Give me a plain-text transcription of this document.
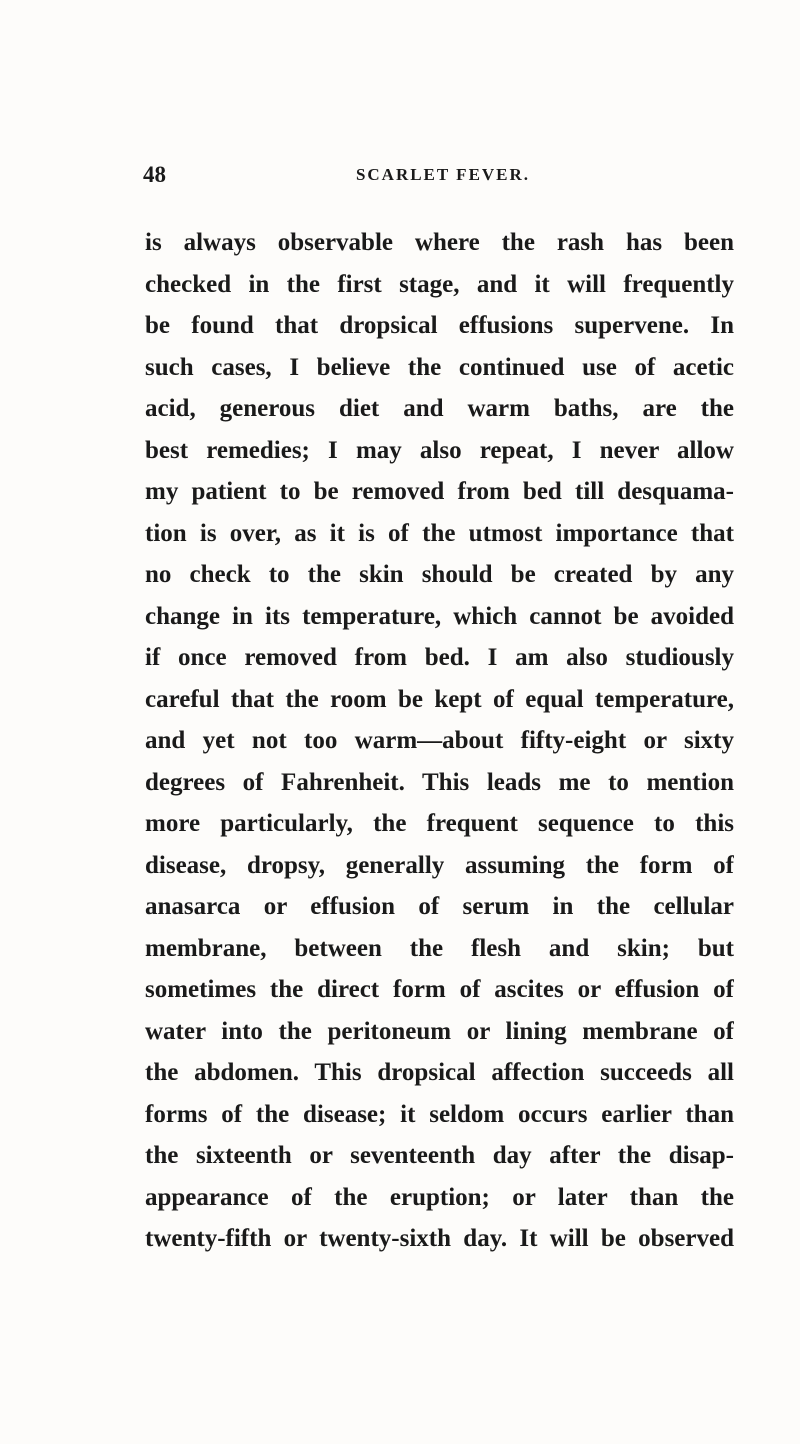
48	SCARLET FEVER.
is always observable where the rash has been
checked in the first stage, and it will frequently
be found that dropsical effusions supervene. In
such cases, I believe the continued use of acetic
acid, generous diet and warm baths, are the
best remedies; I may also repeat, I never allow
my patient to be removed from bed till desquama-
tion is over, as it is of the utmost importance that
no check to the skin should be created by any
change in its temperature, which cannot be avoided
if once removed from bed. I am also studiously
careful that the room be kept of equal temperature,
and yet not too warm—about fifty-eight or sixty
degrees of Fahrenheit. This leads me to mention
more particularly, the frequent sequence to this
disease, dropsy, generally assuming the form of
anasarca or effusion of serum in the cellular
membrane, between the flesh and skin; but
sometimes the direct form of ascites or effusion of
water into the peritoneum or lining membrane of
the abdomen. This dropsical affection succeeds all
forms of the disease; it seldom occurs earlier than
the sixteenth or seventeenth day after the disap-
appearance of the eruption; or later than the
twenty-fifth or twenty-sixth day. It will be observed
